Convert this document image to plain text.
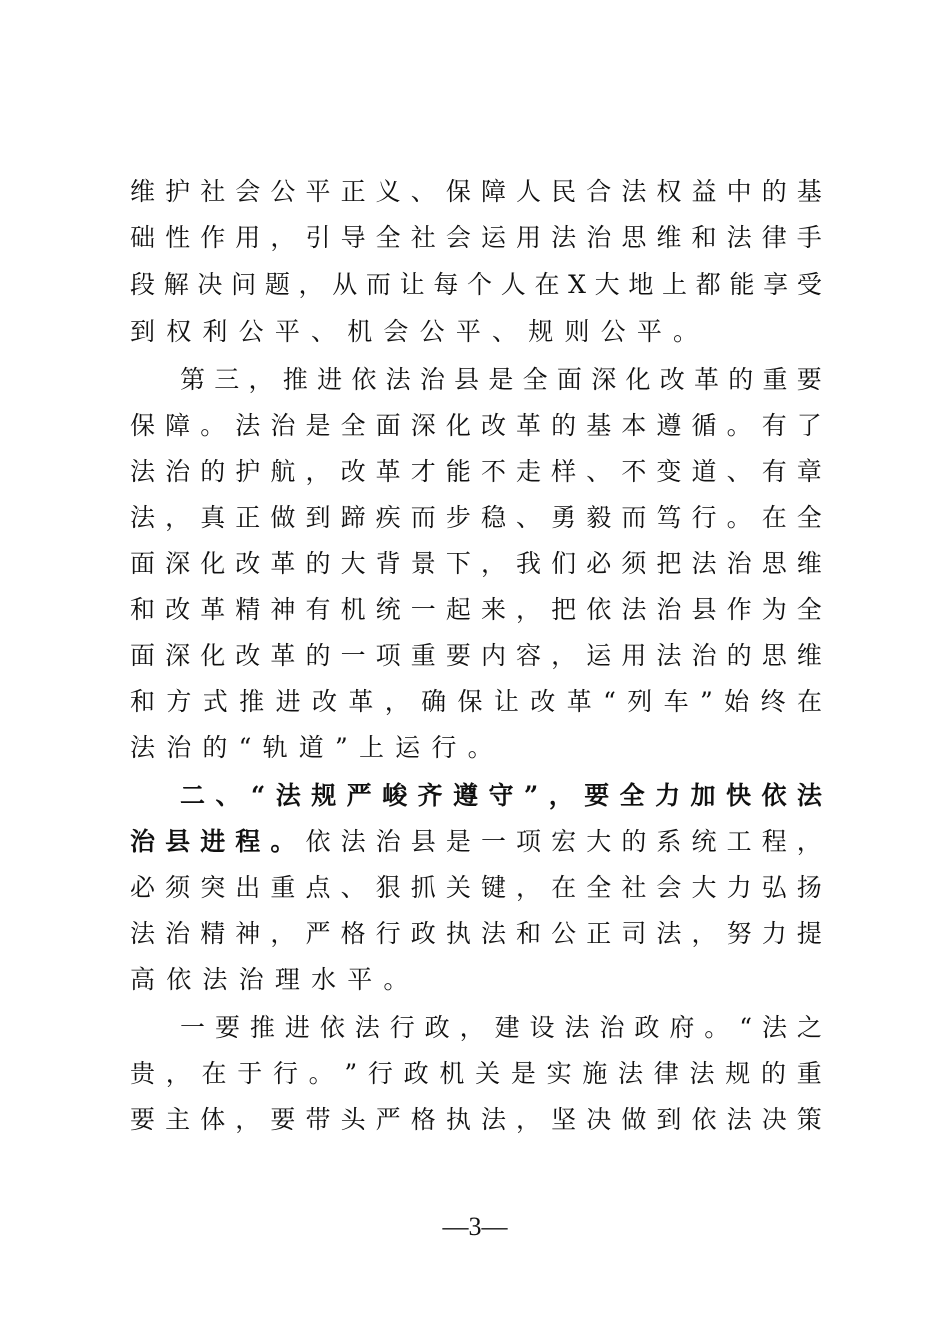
维 护 社 会 公 平 正 义 、 保 障 人 民 合 法 权 益 中 的 基
础 性 作 用 ， 引 导 全 社 会 运 用 法 治 思 维 和 法 律 手
段 解 决 问 题 ， 从 而 让 每 个 人 在 X 大 地 上 都 能 享 受
到 权 利 公 平 、 机 会 公 平 、 规 则 公 平 。
第 三 ， 推 进 依 法 治 县 是 全 面 深 化 改 革 的 重 要
保 障 。 法 治 是 全 面 深 化 改 革 的 基 本 遵 循 。 有 了
法 治 的 护 航 ， 改 革 才 能 不 走 样 、 不 变 道 、 有 章
法 ， 真 正 做 到 蹄 疾 而 步 稳 、 勇 毅 而 笃 行 。 在 全
面 深 化 改 革 的 大 背 景 下 ， 我 们 必 须 把 法 治 思 维
和 改 革 精 神 有 机 统 一 起 来 ， 把 依 法 治 县 作 为 全
面 深 化 改 革 的 一 项 重 要 内 容 ， 运 用 法 治 的 思 维
和 方 式 推 进 改 革 ， 确 保 让 改 革 “ 列 车 ” 始 终 在
法 治 的 “ 轨 道 ” 上 运 行 。
二 、 “ 法 规 严 峻 齐 遵 守 ” ， 要 全 力 加 快 依 法
治 县 进 程 。 依 法 治 县 是 一 项 宏 大 的 系 统 工 程 ，
必 须 突 出 重 点 、 狠 抓 关 键 ， 在 全 社 会 大 力 弘 扬
法 治 精 神 ， 严 格 行 政 执 法 和 公 正 司 法 ， 努 力 提
高 依 法 治 理 水 平 。
一 要 推 进 依 法 行 政 ， 建 设 法 治 政 府 。 “ 法 之
贵 ， 在 于 行 。 ” 行 政 机 关 是 实 施 法 律 法 规 的 重
要 主 体 ， 要 带 头 严 格 执 法 ， 坚 决 做 到 依 法 决 策
—3—
